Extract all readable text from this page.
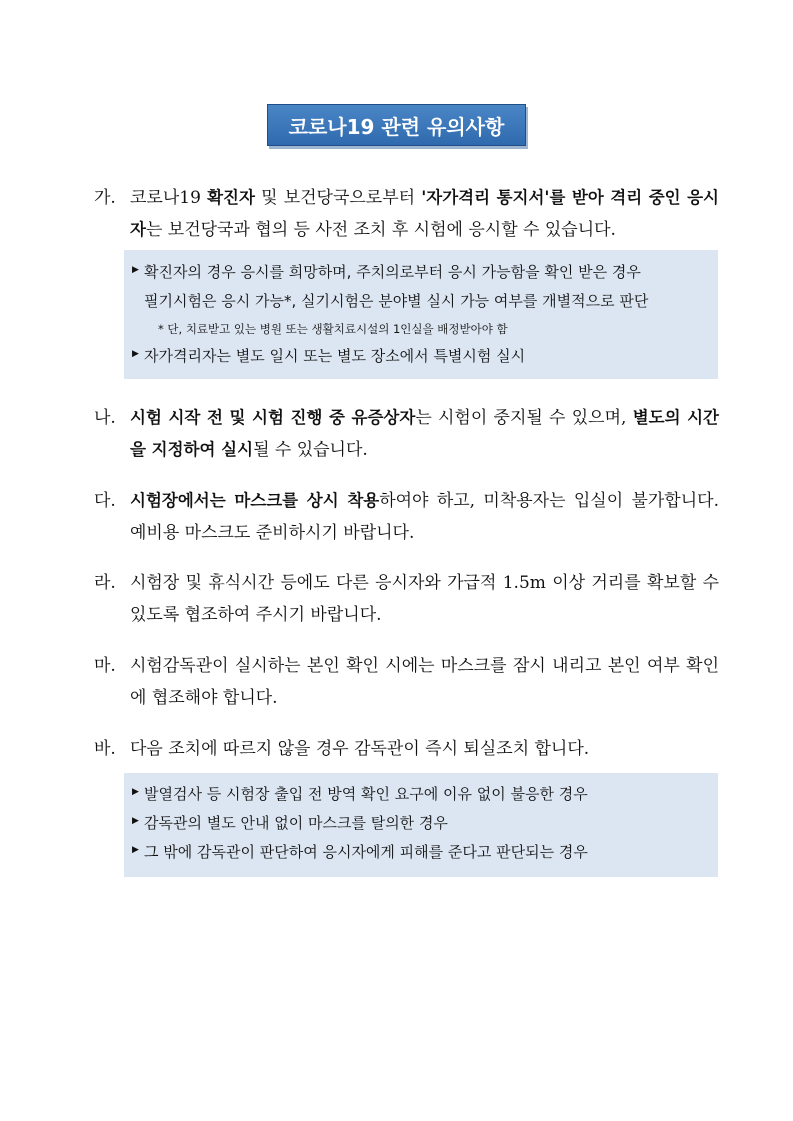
코로나19 관련 유의사항
가. 코로나19 확진자 및 보건당국으로부터 '자가격리 통지서'를 받아 격리 중인 응시자는 보건당국과 협의 등 사전 조치 후 시험에 응시할 수 있습니다.
▶ 확진자의 경우 응시를 희망하며, 주치의로부터 응시 가능함을 확인 받은 경우
필기시험은 응시 가능*, 실기시험은 분야별 실시 가능 여부를 개별적으로 판단
* 단, 치료받고 있는 병원 또는 생활치료시설의 1인실을 배정받아야 함
▶ 자가격리자는 별도 일시 또는 별도 장소에서 특별시험 실시
나. 시험 시작 전 및 시험 진행 중 유증상자는 시험이 중지될 수 있으며, 별도의 시간을 지정하여 실시될 수 있습니다.
다. 시험장에서는 마스크를 상시 착용하여야 하고, 미착용자는 입실이 불가합니다. 예비용 마스크도 준비하시기 바랍니다.
라. 시험장 및 휴식시간 등에도 다른 응시자와 가급적 1.5m 이상 거리를 확보할 수 있도록 협조하여 주시기 바랍니다.
마. 시험감독관이 실시하는 본인 확인 시에는 마스크를 잠시 내리고 본인 여부 확인에 협조해야 합니다.
바. 다음 조치에 따르지 않을 경우 감독관이 즉시 퇴실조치 합니다.
▶ 발열검사 등 시험장 출입 전 방역 확인 요구에 이유 없이 불응한 경우
▶ 감독관의 별도 안내 없이 마스크를 탈의한 경우
▶ 그 밖에 감독관이 판단하여 응시자에게 피해를 준다고 판단되는 경우
